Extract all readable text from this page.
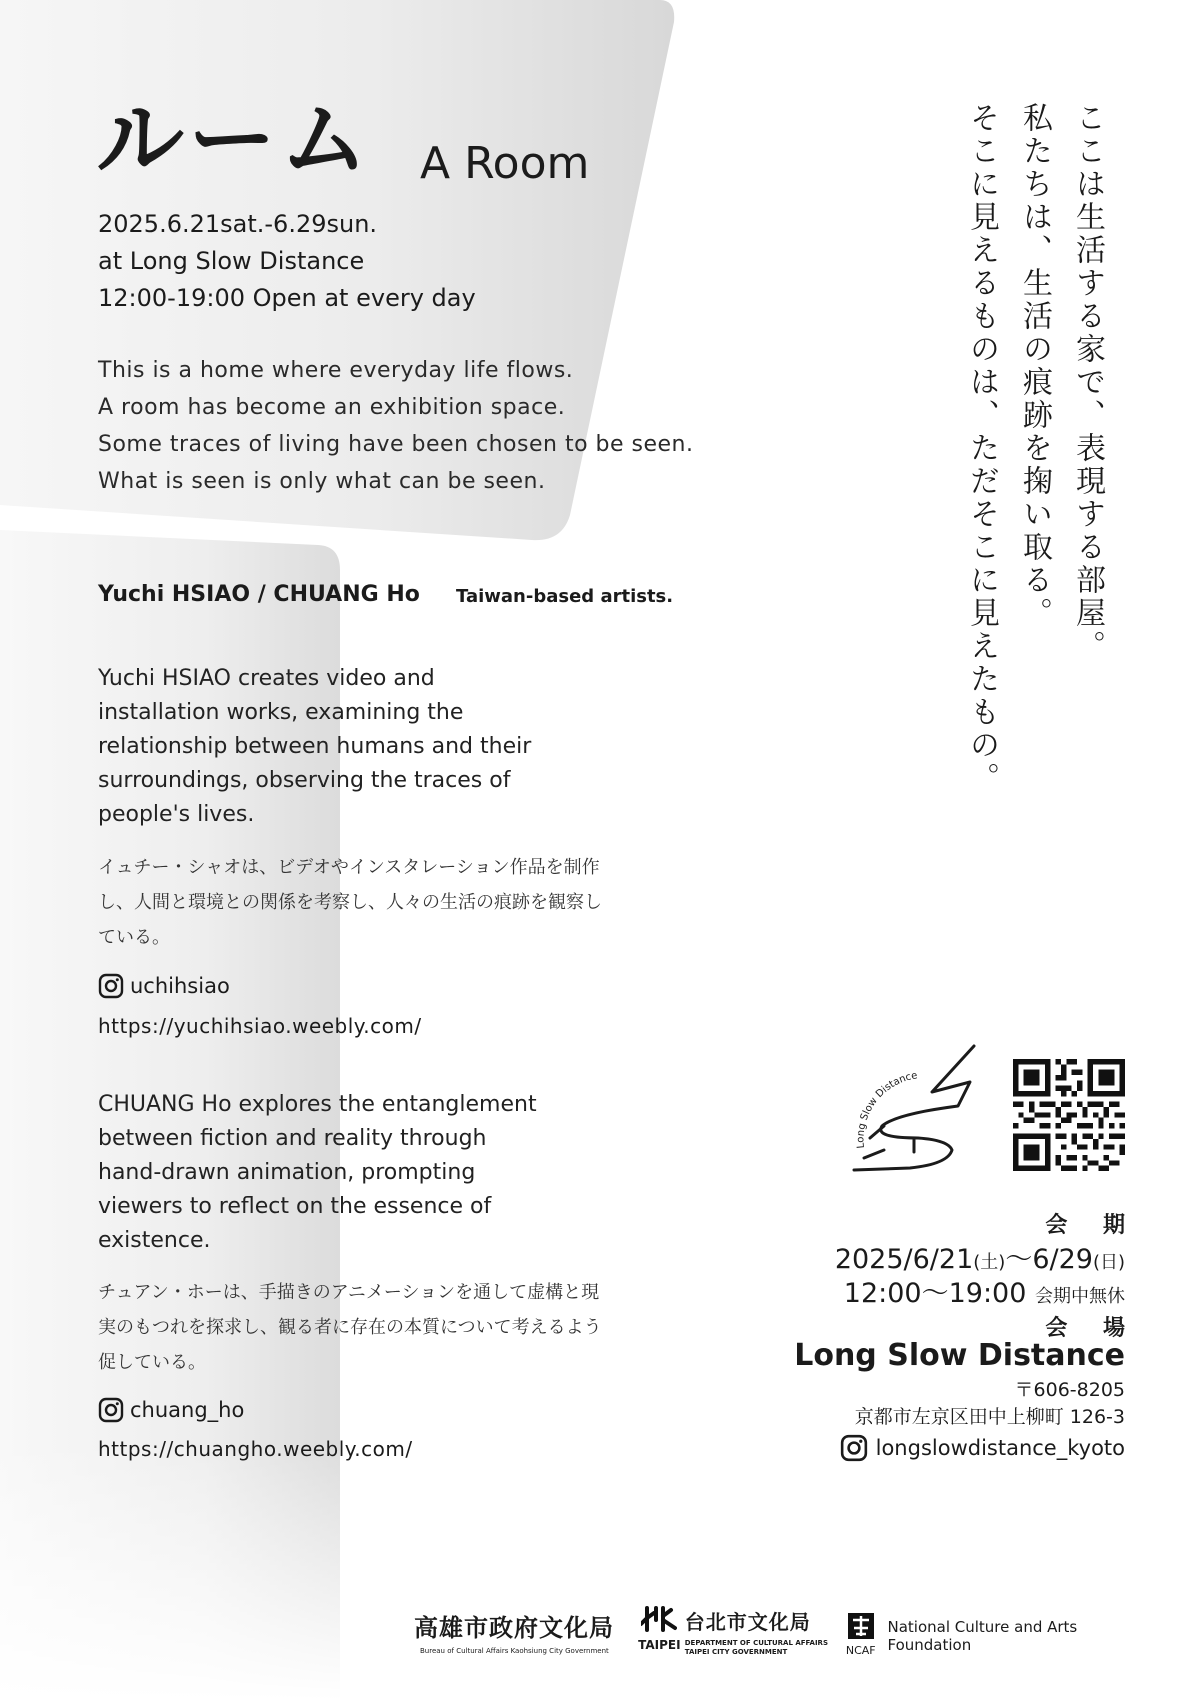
ルーム A Room
2025.6.21sat.-6.29sun.
at Long Slow Distance
12:00-19:00 Open at every day
This is a home where everyday life flows.
A room has become an exhibition space.
Some traces of living have been chosen to be seen.
What is seen is only what can be seen.
Yuchi HSIAO / CHUANG Ho Taiwan-based artists.
Yuchi HSIAO creates video and installation works, examining the relationship between humans and their surroundings, observing the traces of people's lives.
イュチー・シャオは、ビデオやインスタレーション作品を制作し、人間と環境との関係を考察し、人々の生活の痕跡を観察している。
uchihsiao
https://yuchihsiao.weebly.com/
CHUANG Ho explores the entanglement between fiction and reality through hand-drawn animation, prompting viewers to reflect on the essence of existence.
チュアン・ホーは、手描きのアニメーションを通して虚構と現実のもつれを探求し、観る者に存在の本質について考えるよう促している。
chuang_ho
https://chuangho.weebly.com/
ここは生活する家で、表現する部屋。
私たちは、生活の痕跡を掬い取る。
そこに見えるものは、ただそこに見えたもの。
Long Slow Distance
会 期
2025/6/21(土)〜6/29(日)
12:00〜19:00 会期中無休
会 場
Long Slow Distance
〒606-8205
京都市左京区田中上柳町 126-3
longslowdistance_kyoto
高雄市政府文化局
Bureau of Cultural Affairs Kaohsiung City Government	TAIPEI
台北市文化局
DEPARTMENT OF CULTURAL AFFAIRS
TAIPEI CITY GOVERNMENT	NCAF
National Culture and Arts Foundation
